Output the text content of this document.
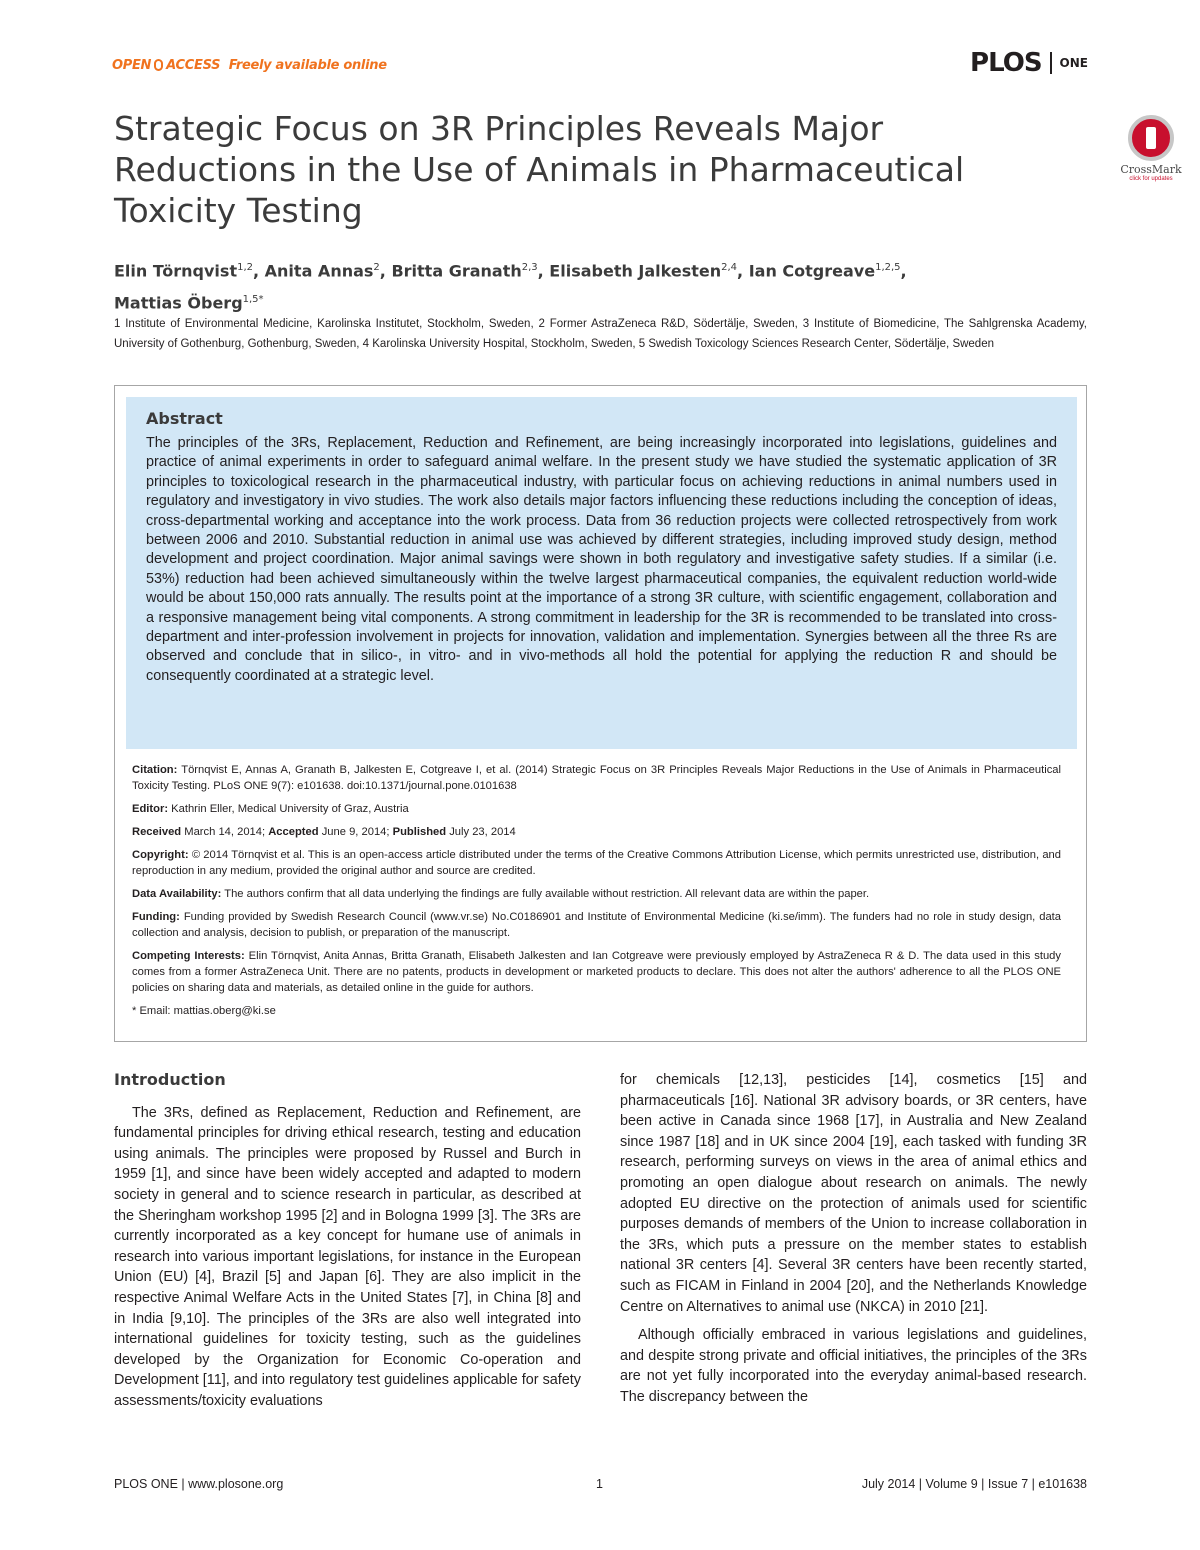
OPEN ACCESS Freely available online	PLOS ONE
Strategic Focus on 3R Principles Reveals Major Reductions in the Use of Animals in Pharmaceutical Toxicity Testing
CrossMark
click for updates
Elin Törnqvist$^{1,2}$, Anita Annas$^2$, Britta Granath$^{2,3}$, Elisabeth Jalkesten$^{2,4}$, Ian Cotgreave$^{1,2,5}$,
Mattias Öberg$^{1,5*}$
1 Institute of Environmental Medicine, Karolinska Institutet, Stockholm, Sweden, 2 Former AstraZeneca R&D, Södertälje, Sweden, 3 Institute of Biomedicine, The Sahlgrenska Academy, University of Gothenburg, Gothenburg, Sweden, 4 Karolinska University Hospital, Stockholm, Sweden, 5 Swedish Toxicology Sciences Research Center, Södertälje, Sweden
Abstract
The principles of the 3Rs, Replacement, Reduction and Refinement, are being increasingly incorporated into legislations, guidelines and practice of animal experiments in order to safeguard animal welfare. In the present study we have studied the systematic application of 3R principles to toxicological research in the pharmaceutical industry, with particular focus on achieving reductions in animal numbers used in regulatory and investigatory in vivo studies. The work also details major factors influencing these reductions including the conception of ideas, cross-departmental working and acceptance into the work process. Data from 36 reduction projects were collected retrospectively from work between 2006 and 2010. Substantial reduction in animal use was achieved by different strategies, including improved study design, method development and project coordination. Major animal savings were shown in both regulatory and investigative safety studies. If a similar (i.e. 53%) reduction had been achieved simultaneously within the twelve largest pharmaceutical companies, the equivalent reduction world-wide would be about 150,000 rats annually. The results point at the importance of a strong 3R culture, with scientific engagement, collaboration and a responsive management being vital components. A strong commitment in leadership for the 3R is recommended to be translated into cross-department and inter-profession involvement in projects for innovation, validation and implementation. Synergies between all the three Rs are observed and conclude that in silico-, in vitro- and in vivo-methods all hold the potential for applying the reduction R and should be consequently coordinated at a strategic level.

Citation: Törnqvist E, Annas A, Granath B, Jalkesten E, Cotgreave I, et al. (2014) Strategic Focus on 3R Principles Reveals Major Reductions in the Use of Animals in Pharmaceutical Toxicity Testing. PLoS ONE 9(7): e101638. doi:10.1371/journal.pone.0101638

Editor: Kathrin Eller, Medical University of Graz, Austria

Received March 14, 2014; Accepted June 9, 2014; Published July 23, 2014

Copyright: © 2014 Törnqvist et al. This is an open-access article distributed under the terms of the Creative Commons Attribution License, which permits unrestricted use, distribution, and reproduction in any medium, provided the original author and source are credited.

Data Availability: The authors confirm that all data underlying the findings are fully available without restriction. All relevant data are within the paper.

Funding: Funding provided by Swedish Research Council (www.vr.se) No.C0186901 and Institute of Environmental Medicine (ki.se/imm). The funders had no role in study design, data collection and analysis, decision to publish, or preparation of the manuscript.

Competing Interests: Elin Törnqvist, Anita Annas, Britta Granath, Elisabeth Jalkesten and Ian Cotgreave were previously employed by AstraZeneca R & D. The data used in this study comes from a former AstraZeneca Unit. There are no patents, products in development or marketed products to declare. This does not alter the authors' adherence to all the PLOS ONE policies on sharing data and materials, as detailed online in the guide for authors.

* Email: mattias.oberg@ki.se

Introduction

The 3Rs, defined as Replacement, Reduction and Refinement, are fundamental principles for driving ethical research, testing and education using animals. The principles were proposed by Russel and Burch in 1959 [1], and since have been widely accepted and adapted to modern society in general and to science research in particular, as described at the Sheringham workshop 1995 [2] and in Bologna 1999 [3]. The 3Rs are currently incorporated as a key concept for humane use of animals in research into various important legislations, for instance in the European Union (EU) [4], Brazil [5] and Japan [6]. They are also implicit in the respective Animal Welfare Acts in the United States [7], in China [8] and in India [9,10]. The principles of the 3Rs are also well integrated into international guidelines for toxicity testing, such as the guidelines developed by the Organization for Economic Co-operation and Development [11], and into regulatory test guidelines applicable for safety assessments/toxicity evaluations

for chemicals [12,13], pesticides [14], cosmetics [15] and pharmaceuticals [16]. National 3R advisory boards, or 3R centers, have been active in Canada since 1968 [17], in Australia and New Zealand since 1987 [18] and in UK since 2004 [19], each tasked with funding 3R research, performing surveys on views in the area of animal ethics and promoting an open dialogue about research on animals. The newly adopted EU directive on the protection of animals used for scientific purposes demands of members of the Union to increase collaboration in the 3Rs, which puts a pressure on the member states to establish national 3R centers [4]. Several 3R centers have been recently started, such as FICAM in Finland in 2004 [20], and the Netherlands Knowledge Centre on Alternatives to animal use (NKCA) in 2010 [21].

Although officially embraced in various legislations and guidelines, and despite strong private and official initiatives, the principles of the 3Rs are not yet fully incorporated into the everyday animal-based research. The discrepancy between the

PLOS ONE | www.plosone.org	1	July 2014 | Volume 9 | Issue 7 | e101638
